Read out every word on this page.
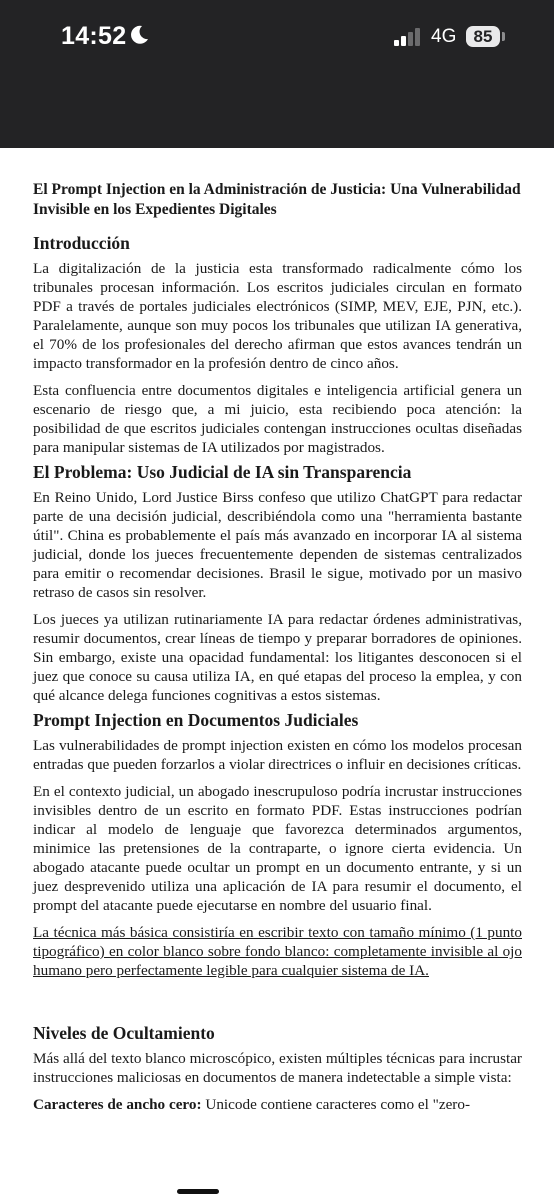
14:52	4G	85
El Prompt Injection en la Administración de Justicia: Una Vulnerabilidad Invisible en los Expedientes Digitales
Introducción

La digitalización de la justicia esta transformado radicalmente cómo los tribunales procesan información. Los escritos judiciales circulan en formato PDF a través de portales judiciales electrónicos (SIMP, MEV, EJE, PJN, etc.). Paralelamente, aunque son muy pocos los tribunales que utilizan IA generativa, el 70% de los profesionales del derecho afirman que estos avances tendrán un impacto transformador en la profesión dentro de cinco años.

Esta confluencia entre documentos digitales e inteligencia artificial genera un escenario de riesgo que, a mi juicio, esta recibiendo poca atención: la posibilidad de que escritos judiciales contengan instrucciones ocultas diseñadas para manipular sistemas de IA utilizados por magistrados.

El Problema: Uso Judicial de IA sin Transparencia

En Reino Unido, Lord Justice Birss confeso que utilizo ChatGPT para redactar parte de una decisión judicial, describiéndola como una "herramienta bastante útil". China es probablemente el país más avanzado en incorporar IA al sistema judicial, donde los jueces frecuentemente dependen de sistemas centralizados para emitir o recomendar decisiones. Brasil le sigue, motivado por un masivo retraso de casos sin resolver.

Los jueces ya utilizan rutinariamente IA para redactar órdenes administrativas, resumir documentos, crear líneas de tiempo y preparar borradores de opiniones. Sin embargo, existe una opacidad fundamental: los litigantes desconocen si el juez que conoce su causa utiliza IA, en qué etapas del proceso la emplea, y con qué alcance delega funciones cognitivas a estos sistemas.

Prompt Injection en Documentos Judiciales

Las vulnerabilidades de prompt injection existen en cómo los modelos procesan entradas que pueden forzarlos a violar directrices o influir en decisiones críticas.

En el contexto judicial, un abogado inescrupuloso podría incrustar instrucciones invisibles dentro de un escrito en formato PDF. Estas instrucciones podrían indicar al modelo de lenguaje que favorezca determinados argumentos, minimice las pretensiones de la contraparte, o ignore cierta evidencia. Un abogado atacante puede ocultar un prompt en un documento entrante, y si un juez desprevenido utiliza una aplicación de IA para resumir el documento, el prompt del atacante puede ejecutarse en nombre del usuario final.

La técnica más básica consistiría en escribir texto con tamaño mínimo (1 punto tipográfico) en color blanco sobre fondo blanco: completamente invisible al ojo humano pero perfectamente legible para cualquier sistema de IA.

Niveles de Ocultamiento

Más allá del texto blanco microscópico, existen múltiples técnicas para incrustar instrucciones maliciosas en documentos de manera indetectable a simple vista:

Caracteres de ancho cero: Unicode contiene caracteres como el "zero-
